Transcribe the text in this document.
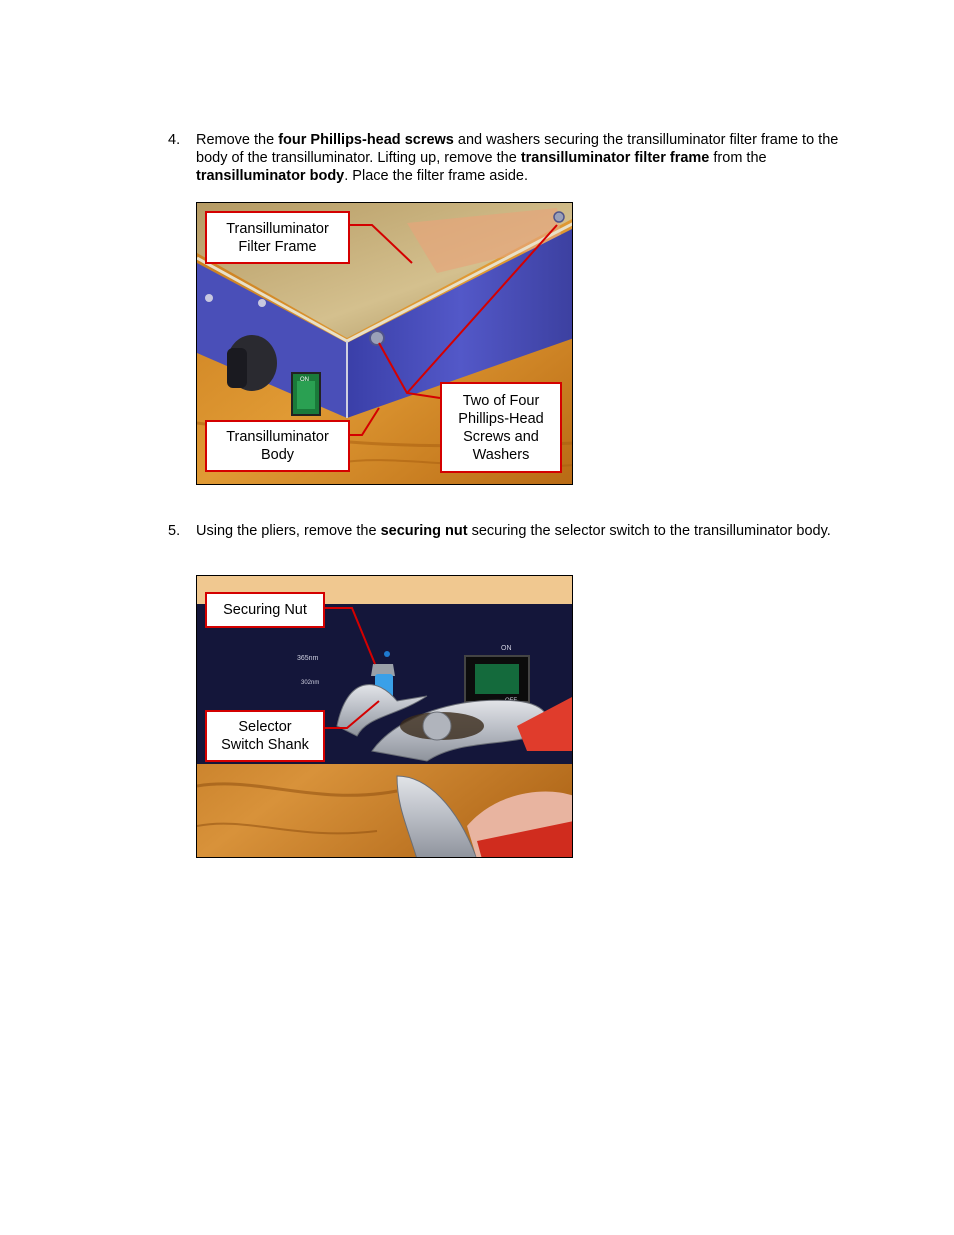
4. Remove the four Phillips-head screws and washers securing the transilluminator filter frame to the body of the transilluminator. Lifting up, remove the transilluminator filter frame from the transilluminator body. Place the filter frame aside.
ON
Transilluminator
Filter Frame
Transilluminator
Body
Two of Four
Phillips-Head
Screws and
Washers
5. Using the pliers, remove the securing nut securing the selector switch to the transilluminator body.
ON
365nm
302nm
Securing Nut
Selector
Switch Shank
